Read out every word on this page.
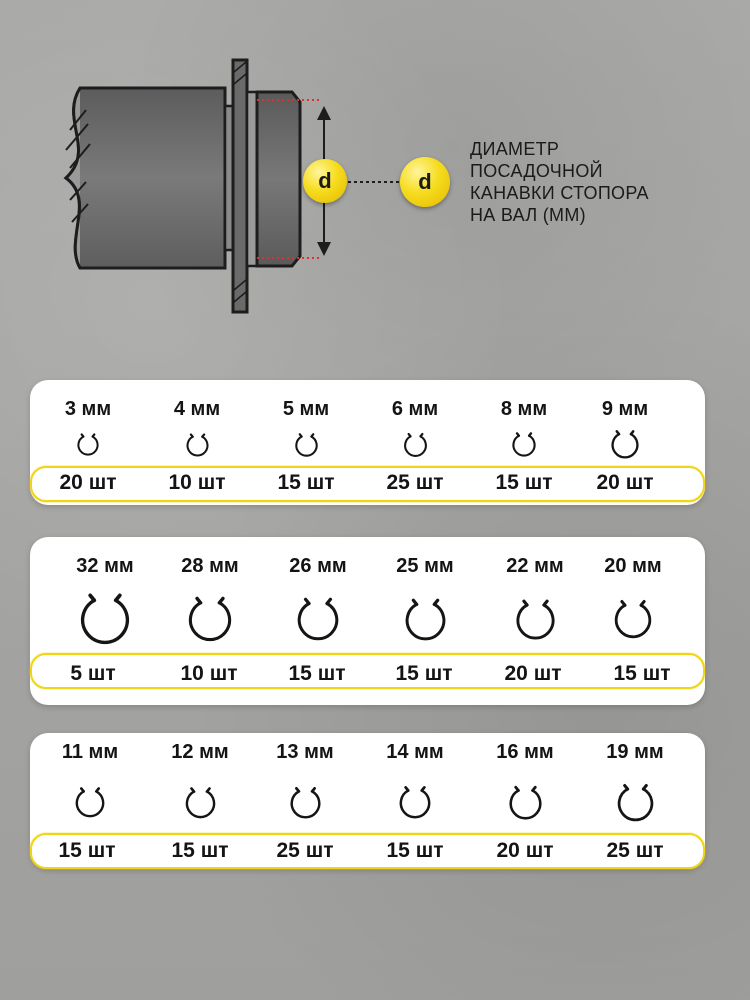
d	d
ДИАМЕТР
ПОСАДОЧНОЙ
КАНАВКИ СТОПОРА
НА ВАЛ (ММ)
3 мм	4 мм	5 мм	6 мм	8 мм	9 мм
20 шт	10 шт	15 шт	25 шт	15 шт	20 шт
32 мм	28 мм	26 мм	25 мм	22 мм	20 мм
5 шт	10 шт	15 шт	15 шт	20 шт	15 шт
11 мм	12 мм	13 мм	14 мм	16 мм	19 мм
15 шт	15 шт	25 шт	15 шт	20 шт	25 шт
